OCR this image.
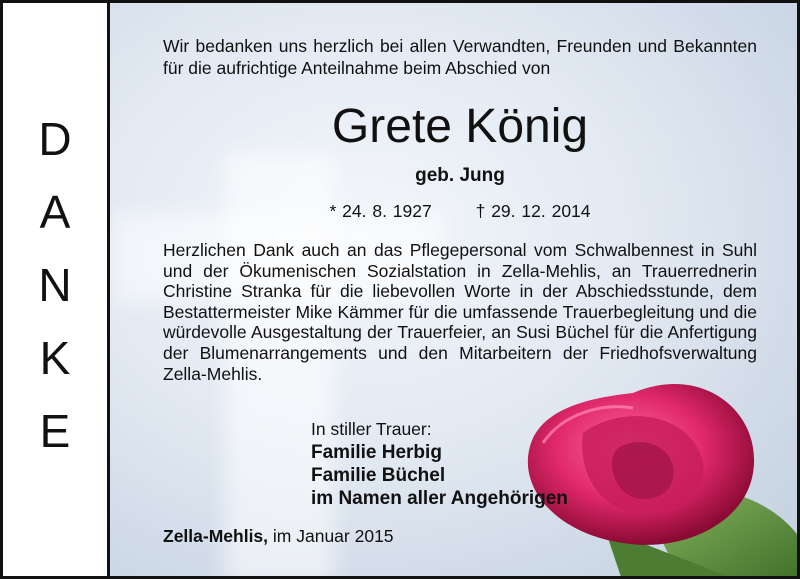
D
A
N
K
E
Wir bedanken uns herzlich bei allen Verwandten, Freunden und Bekannten für die aufrichtige Anteilnahme beim Abschied von
Grete König
geb. Jung
* 24. 8. 1927	† 29. 12. 2014
Herzlichen Dank auch an das Pflegepersonal vom Schwalbennest in Suhl und der Ökumenischen Sozialstation in Zella-Mehlis, an Trauerrednerin Christine Stranka für die liebevollen Worte in der Abschiedsstunde, dem Bestattermeister Mike Kämmer für die umfassende Trauerbegleitung und die würdevolle Ausgestaltung der Trauerfeier, an Susi Büchel für die Anfertigung der Blumenarrangements und den Mitarbeitern der Friedhofsverwaltung Zella-Mehlis.
In stiller Trauer:
Familie Herbig
Familie Büchel
im Namen aller Angehörigen
Zella-Mehlis, im Januar 2015
